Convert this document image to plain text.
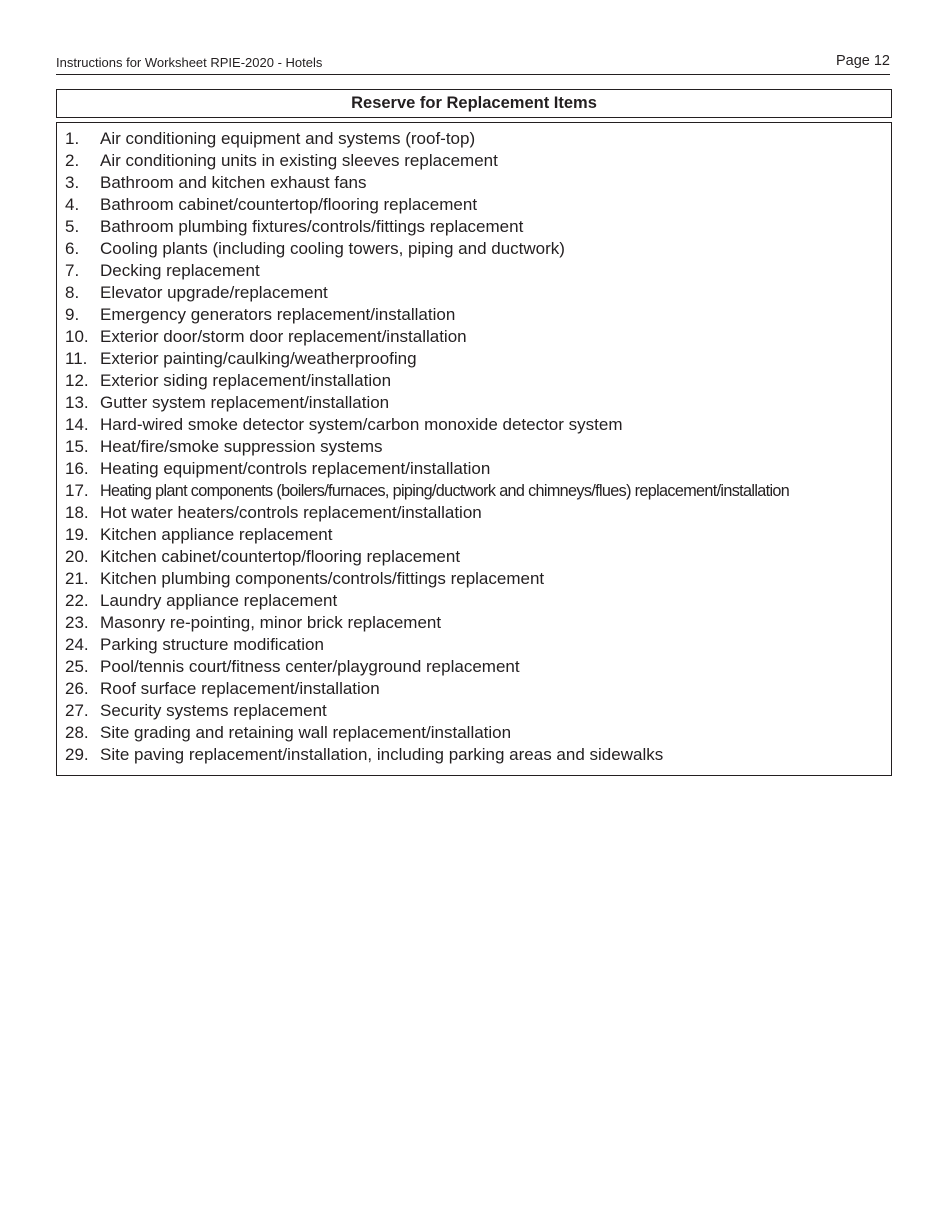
Instructions for Worksheet RPIE-2020 - Hotels	Page 12
Reserve for Replacement Items
1. Air conditioning equipment and systems (roof-top)
2. Air conditioning units in existing sleeves replacement
3. Bathroom and kitchen exhaust fans
4. Bathroom cabinet/countertop/flooring replacement
5. Bathroom plumbing fixtures/controls/fittings replacement
6. Cooling plants (including cooling towers, piping and ductwork)
7. Decking replacement
8. Elevator upgrade/replacement
9. Emergency generators replacement/installation
10. Exterior door/storm door replacement/installation
11. Exterior painting/caulking/weatherproofing
12. Exterior siding replacement/installation
13. Gutter system replacement/installation
14. Hard-wired smoke detector system/carbon monoxide detector system
15. Heat/fire/smoke suppression systems
16. Heating equipment/controls replacement/installation
17. Heating plant components (boilers/furnaces, piping/ductwork and chimneys/flues) replacement/installation
18. Hot water heaters/controls replacement/installation
19. Kitchen appliance replacement
20. Kitchen cabinet/countertop/flooring replacement
21. Kitchen plumbing components/controls/fittings replacement
22. Laundry appliance replacement
23. Masonry re-pointing, minor brick replacement
24. Parking structure modification
25. Pool/tennis court/fitness center/playground replacement
26. Roof surface replacement/installation
27. Security systems replacement
28. Site grading and retaining wall replacement/installation
29. Site paving replacement/installation, including parking areas and sidewalks
